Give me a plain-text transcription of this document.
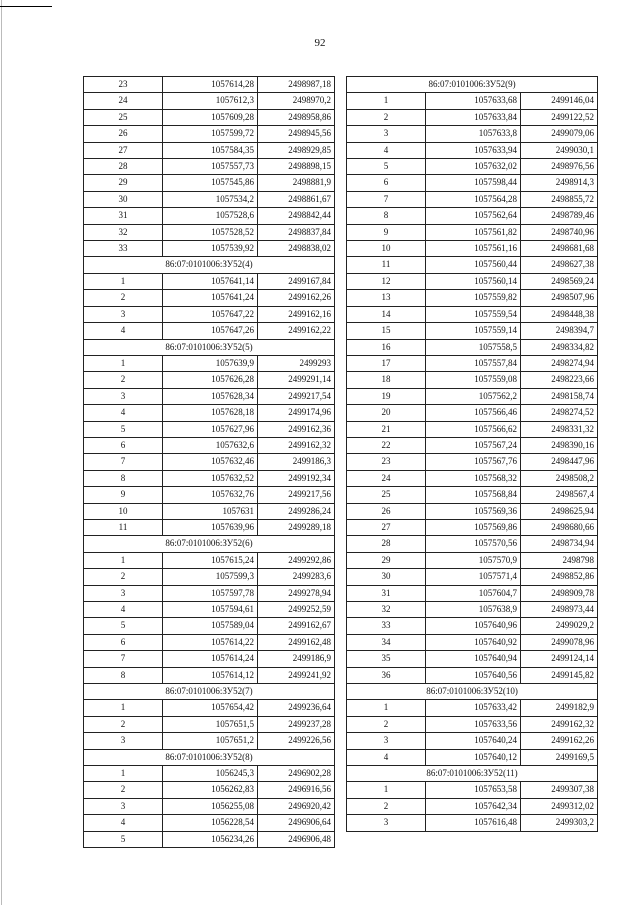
92
23	1057614,28	2498987,18
24	1057612,3	2498970,2
25	1057609,28	2498958,86
26	1057599,72	2498945,56
27	1057584,35	2498929,85
28	1057557,73	2498898,15
29	1057545,86	2498881,9
30	1057534,2	2498861,67
31	1057528,6	2498842,44
32	1057528,52	2498837,84
33	1057539,92	2498838,02
86:07:0101006:ЗУ52(4)		
1	1057641,14	2499167,84
2	1057641,24	2499162,26
3	1057647,22	2499162,16
4	1057647,26	2499162,22
86:07:0101006:ЗУ52(5)		
1	1057639,9	2499293
2	1057626,28	2499291,14
3	1057628,34	2499217,54
4	1057628,18	2499174,96
5	1057627,96	2499162,36
6	1057632,6	2499162,32
7	1057632,46	2499186,3
8	1057632,52	2499192,34
9	1057632,76	2499217,56
10	1057631	2499286,24
11	1057639,96	2499289,18
86:07:0101006:ЗУ52(6)		
1	1057615,24	2499292,86
2	1057599,3	2499283,6
3	1057597,78	2499278,94
4	1057594,61	2499252,59
5	1057589,04	2499162,67
6	1057614,22	2499162,48
7	1057614,24	2499186,9
8	1057614,12	2499241,92
86:07:0101006:ЗУ52(7)		
1	1057654,42	2499236,64
2	1057651,5	2499237,28
3	1057651,2	2499226,56
86:07:0101006:ЗУ52(8)		
1	1056245,3	2496902,28
2	1056262,83	2496916,56
3	1056255,08	2496920,42
4	1056228,54	2496906,64
5	1056234,26	2496906,48
86:07:0101006:ЗУ52(9)		
1	1057633,68	2499146,04
2	1057633,84	2499122,52
3	1057633,8	2499079,06
4	1057633,94	2499030,1
5	1057632,02	2498976,56
6	1057598,44	2498914,3
7	1057564,28	2498855,72
8	1057562,64	2498789,46
9	1057561,82	2498740,96
10	1057561,16	2498681,68
11	1057560,44	2498627,38
12	1057560,14	2498569,24
13	1057559,82	2498507,96
14	1057559,54	2498448,38
15	1057559,14	2498394,7
16	1057558,5	2498334,82
17	1057557,84	2498274,94
18	1057559,08	2498223,66
19	1057562,2	2498158,74
20	1057566,46	2498274,52
21	1057566,62	2498331,32
22	1057567,24	2498390,16
23	1057567,76	2498447,96
24	1057568,32	2498508,2
25	1057568,84	2498567,4
26	1057569,36	2498625,94
27	1057569,86	2498680,66
28	1057570,56	2498734,94
29	1057570,9	2498798
30	1057571,4	2498852,86
31	1057604,7	2498909,78
32	1057638,9	2498973,44
33	1057640,96	2499029,2
34	1057640,92	2499078,96
35	1057640,94	2499124,14
36	1057640,56	2499145,82
86:07:0101006:ЗУ52(10)		
1	1057633,42	2499182,9
2	1057633,56	2499162,32
3	1057640,24	2499162,26
4	1057640,12	2499169,5
86:07:0101006:ЗУ52(11)		
1	1057653,58	2499307,38
2	1057642,34	2499312,02
3	1057616,48	2499303,2
